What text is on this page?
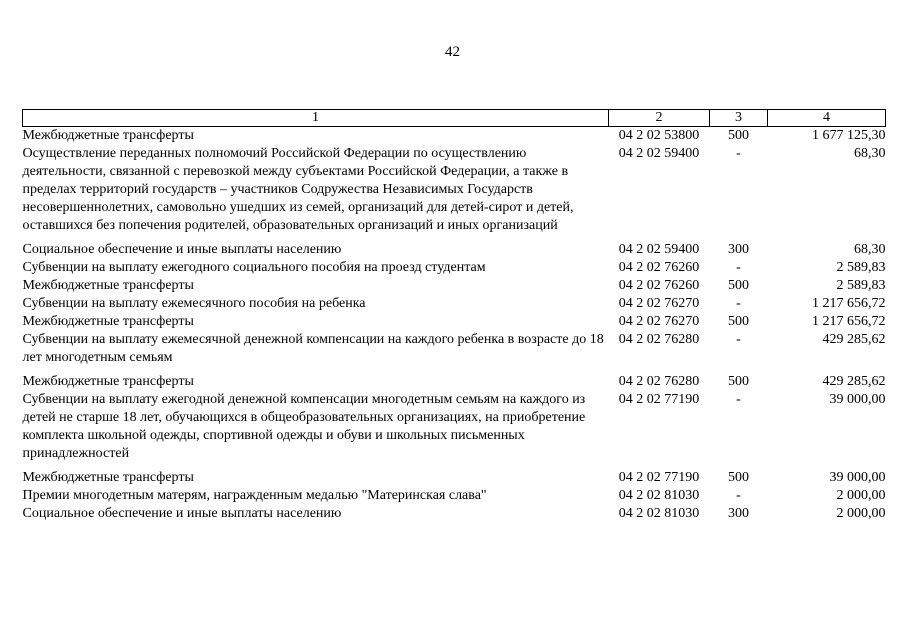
42
1	2	3	4
Межбюджетные трансферты	04 2 02 53800	500	1 677 125,30
Осуществление переданных полномочий Российской Федерации по осуществлению деятельности, связанной с перевозкой между субъектами Российской Федерации, а также в пределах территорий государств – участников Содружества Независимых Государств несовершеннолетних, самовольно ушедших из семей, организаций для детей-сирот и детей, оставшихся без попечения родителей, образовательных организаций и иных организаций	04 2 02 59400	-	68,30
Социальное обеспечение и иные выплаты населению	04 2 02 59400	300	68,30
Субвенции на выплату ежегодного социального пособия на проезд студентам	04 2 02 76260	-	2 589,83
Межбюджетные трансферты	04 2 02 76260	500	2 589,83
Субвенции на выплату ежемесячного пособия на ребенка	04 2 02 76270	-	1 217 656,72
Межбюджетные трансферты	04 2 02 76270	500	1 217 656,72
Субвенции на выплату ежемесячной денежной компенсации на каждого ребенка в возрасте до 18 лет многодетным семьям	04 2 02 76280	-	429 285,62
Межбюджетные трансферты	04 2 02 76280	500	429 285,62
Субвенции на выплату ежегодной денежной компенсации многодетным семьям на каждого из детей не старше 18 лет, обучающихся в общеобразовательных организациях, на приобретение комплекта школьной одежды, спортивной одежды и обуви и школьных письменных принадлежностей	04 2 02 77190	-	39 000,00
Межбюджетные трансферты	04 2 02 77190	500	39 000,00
Премии многодетным матерям, награжденным медалью "Материнская слава"	04 2 02 81030	-	2 000,00
Социальное обеспечение и иные выплаты населению	04 2 02 81030	300	2 000,00
